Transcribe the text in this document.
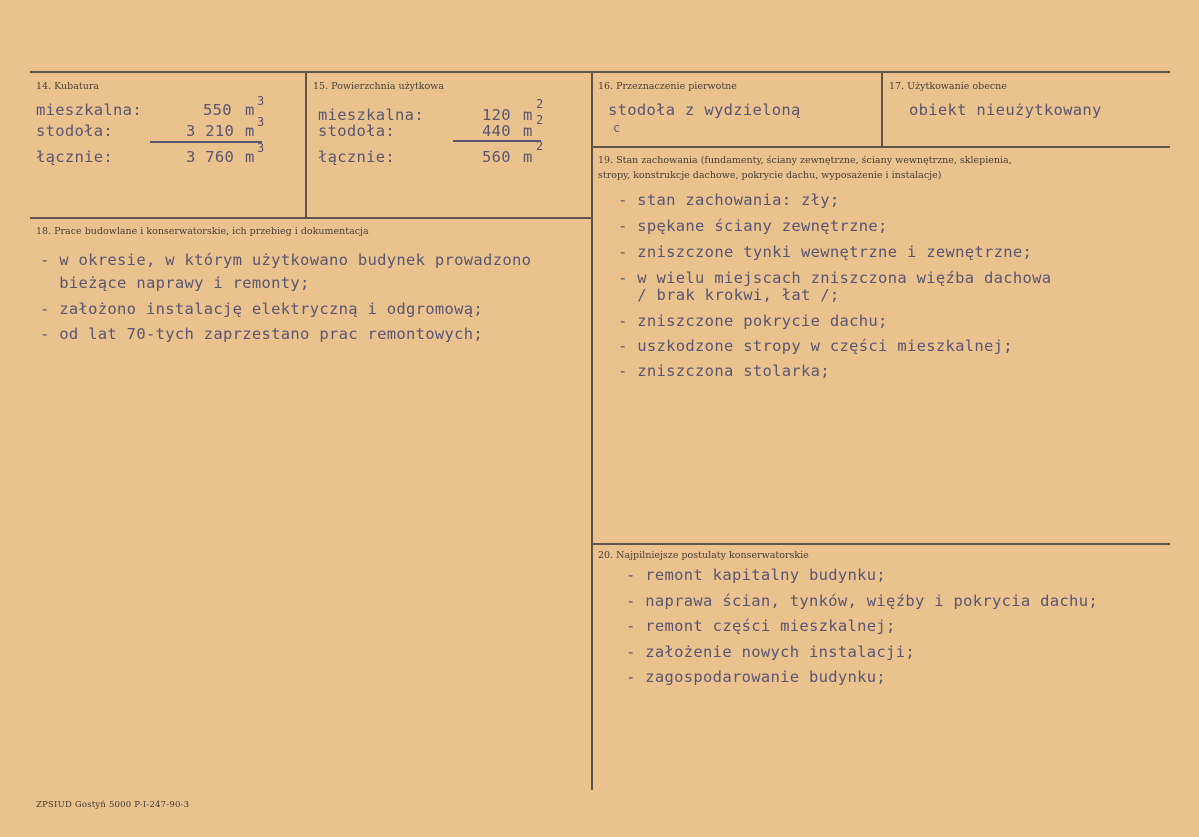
14. Kubatura
mieszkalna:	550 m 3
stodoła:	3 210 m 3
łącznie:	3 760 m 3
15. Powierzchnia użytkowa
mieszkalna:	120 m
2
stodoła:	440 m
2
łącznie:	560 m
2
16. Przeznaczenie pierwotne
stodoła z wydzieloną
c
17. Użytkowanie obecne
obiekt nieużytkowany
18. Prace budowlane i konserwatorskie, ich przebieg i dokumentacja
- w okresie, w którym użytkowano budynek prowadzono
bieżące naprawy i remonty;
- założono instalację elektryczną i odgromową;
- od lat 70-tych zaprzestano prac remontowych;
19. Stan zachowania (fundamenty, ściany zewnętrzne, ściany wewnętrzne, sklepienia,
stropy, konstrukcje dachowe, pokrycie dachu, wyposażenie i instalacje)
- stan zachowania: zły;
- spękane ściany zewnętrzne;
- zniszczone tynki wewnętrzne i zewnętrzne;
- w wielu miejscach zniszczona więźba dachowa
/ brak krokwi, łat /;
- zniszczone pokrycie dachu;
- uszkodzone stropy w części mieszkalnej;
- zniszczona stolarka;
20. Najpilniejsze postulaty konserwatorskie
- remont kapitalny budynku;
- naprawa ścian, tynków, więźby i pokrycia dachu;
- remont części mieszkalnej;
- założenie nowych instalacji;
- zagospodarowanie budynku;
ZPSIUD Gostyń 5000 P-I-247-90-3
